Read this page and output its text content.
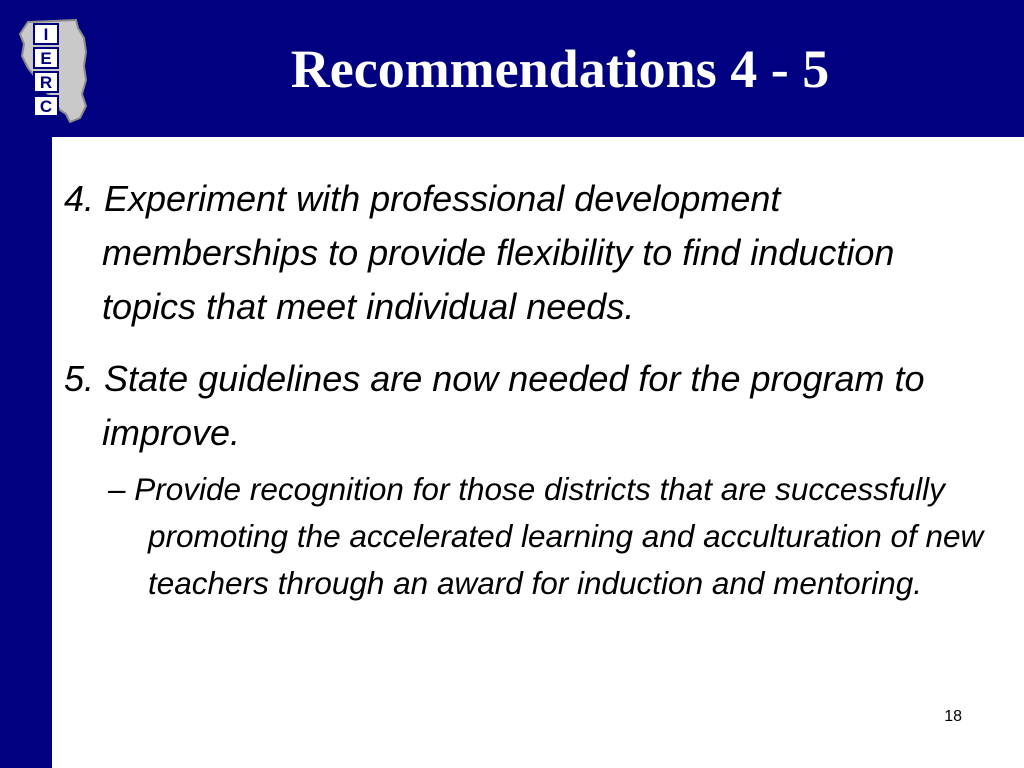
I
E
R
C
Recommendations 4 - 5

4. Experiment with professional development memberships to provide flexibility to find induction topics that meet individual needs.

5. State guidelines are now needed for the program to improve.

– Provide recognition for those districts that are successfully promoting the accelerated learning and acculturation of new teachers through an award for induction and mentoring.

18
